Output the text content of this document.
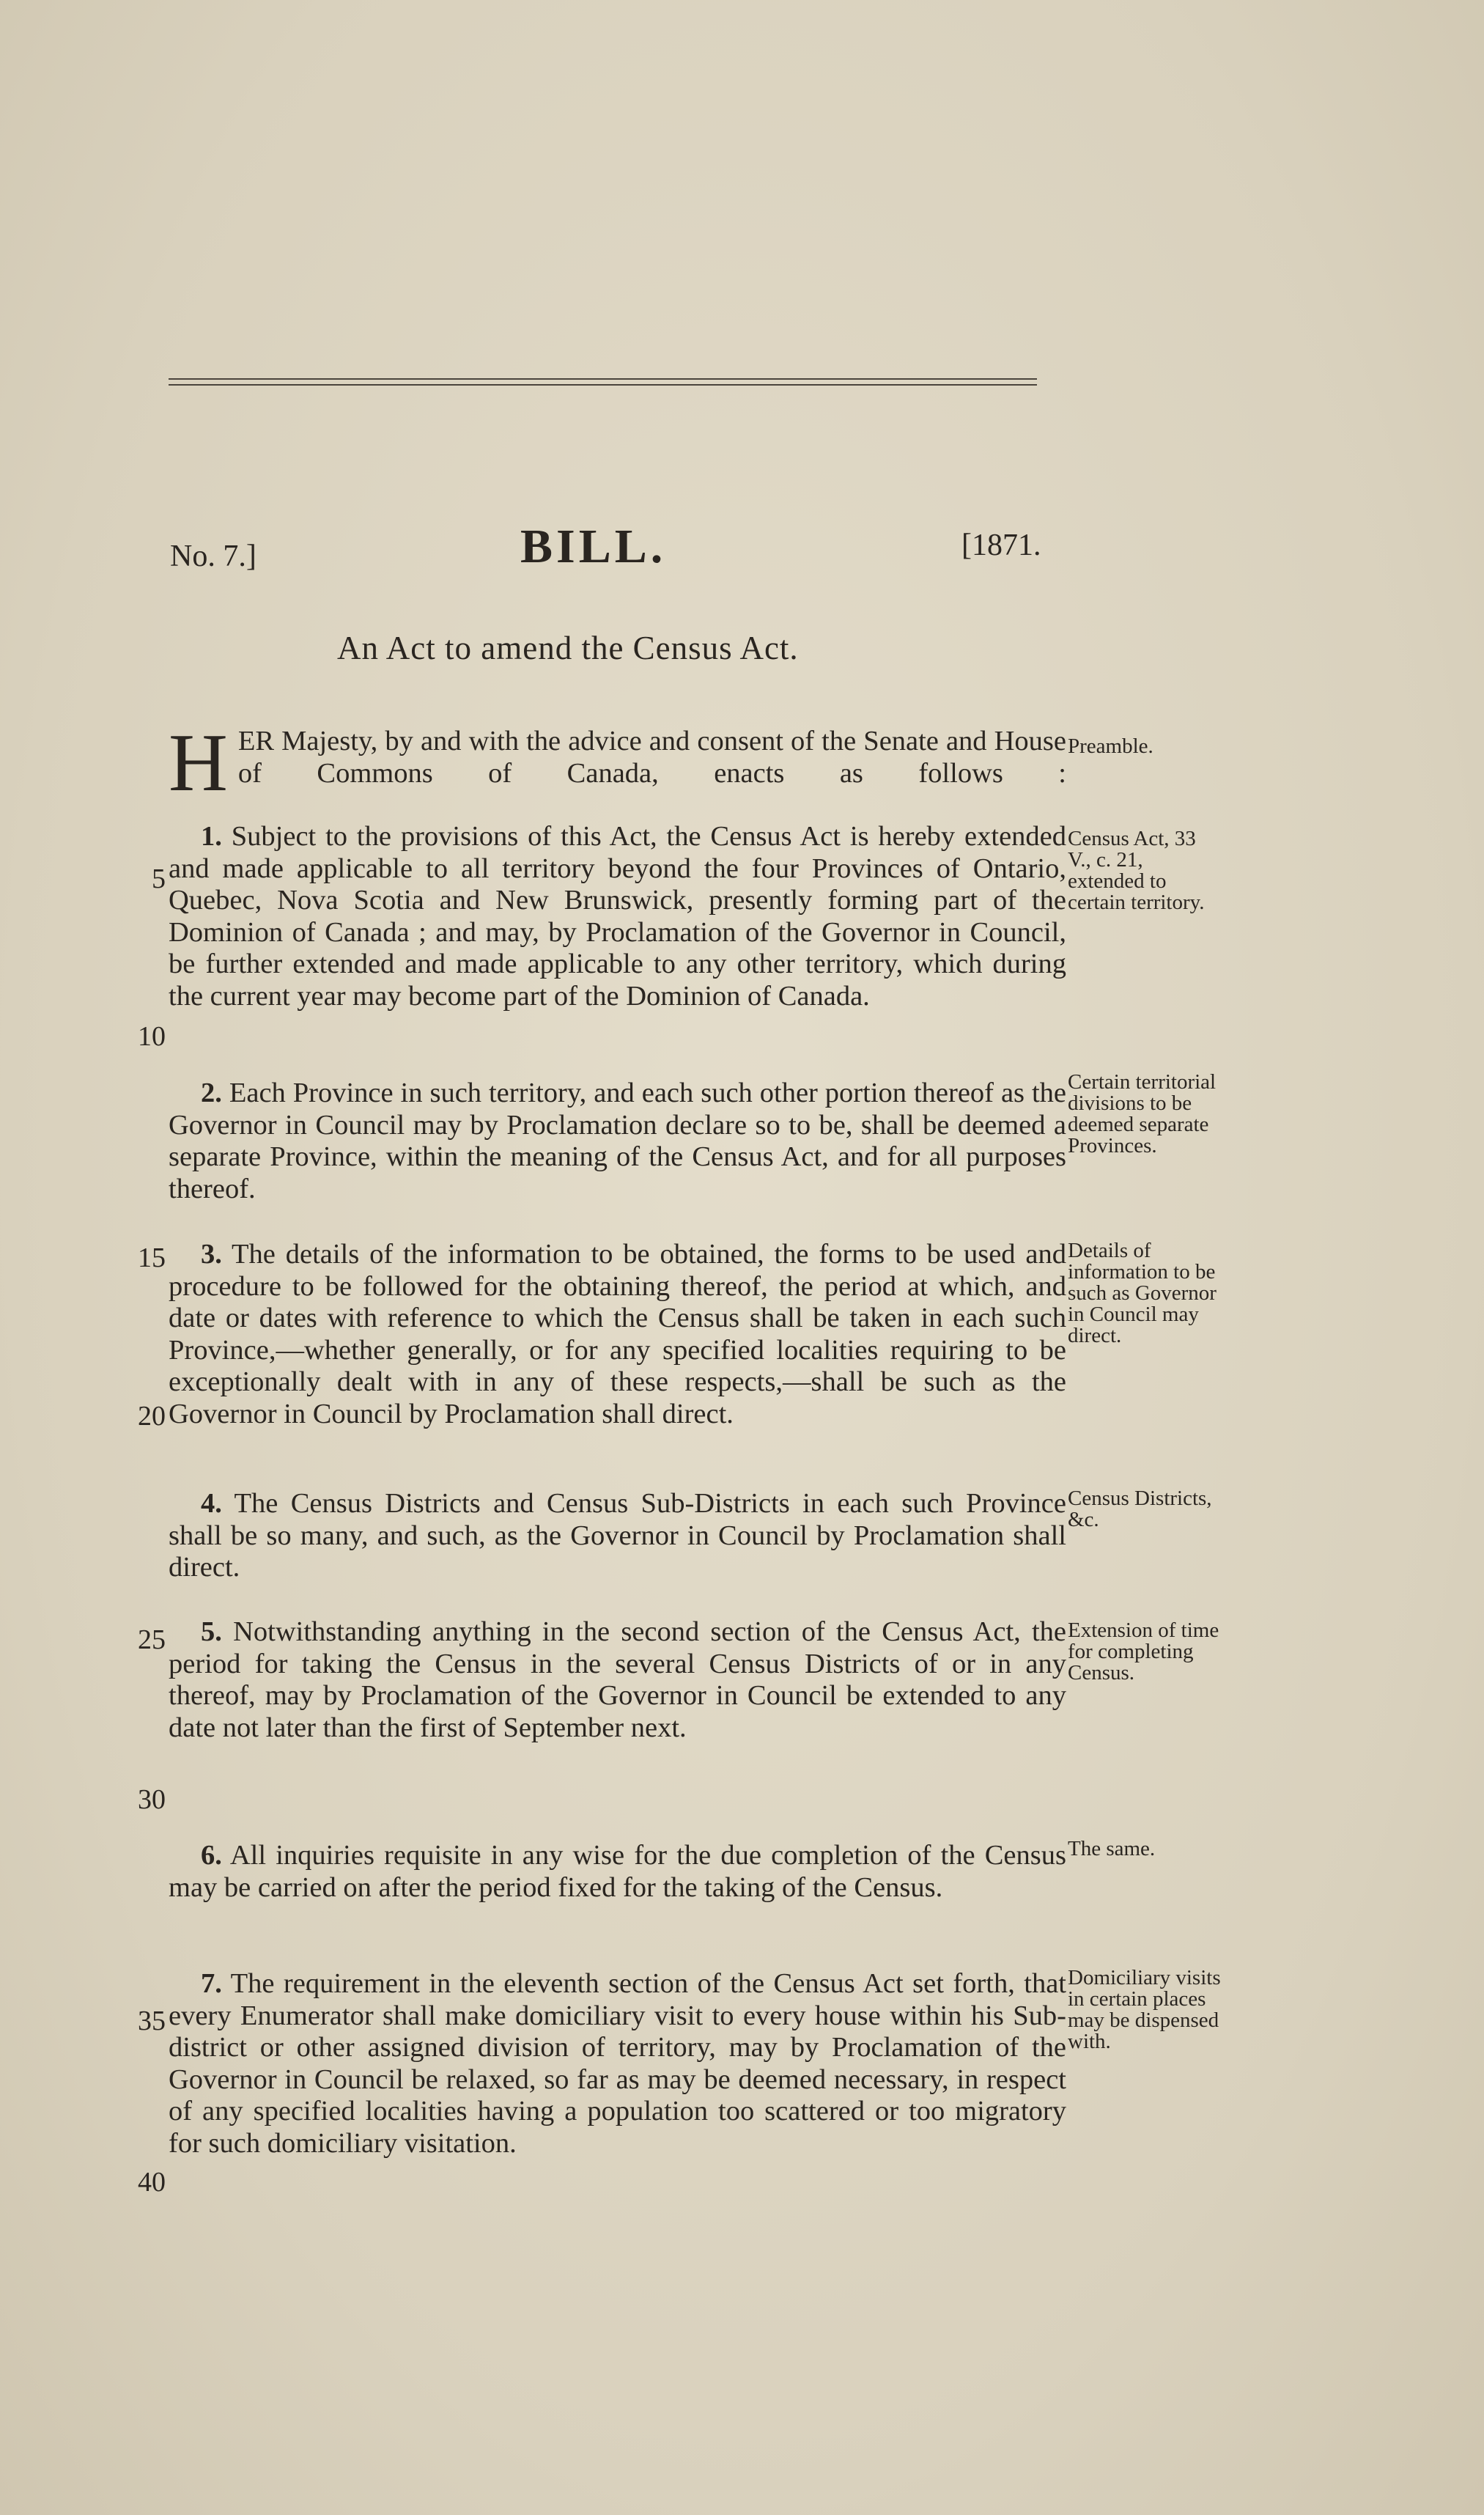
No. 7.]	BILL.	[1871.
An Act to amend the Census Act.
H ER Majesty, by and with the advice and consent of the Senate and House of Commons of Canada, enacts as follows :
Preamble.
1. Subject to the provisions of this Act, the Census Act is hereby extended and made applicable to all territory beyond the four Provinces of Ontario, Quebec, Nova Scotia and New Brunswick, presently forming part of the Dominion of Canada ; and may, by Proclamation of the Governor in Council, be further extended and made applicable to any other territory, which during the current year may become part of the Dominion of Canada.
Census Act, 33 V., c. 21, extended to certain territory.
2. Each Province in such territory, and each such other portion thereof as the Governor in Council may by Proclamation declare so to be, shall be deemed a separate Province, within the meaning of the Census Act, and for all purposes thereof.
Certain territorial divisions to be deemed separate Provinces.
3. The details of the information to be obtained, the forms to be used and procedure to be followed for the obtaining thereof, the period at which, and date or dates with reference to which the Census shall be taken in each such Province,—whether generally, or for any specified localities requiring to be exceptionally dealt with in any of these respects,—shall be such as the Governor in Council by Proclamation shall direct.
Details of information to be such as Governor in Council may direct.
4. The Census Districts and Census Sub-Districts in each such Province shall be so many, and such, as the Governor in Council by Proclamation shall direct.
Census Districts, &c.
5. Notwithstanding anything in the second section of the Census Act, the period for taking the Census in the several Census Districts of or in any thereof, may by Proclamation of the Governor in Council be extended to any date not later than the first of September next.
Extension of time for completing Census.
6. All inquiries requisite in any wise for the due completion of the Census may be carried on after the period fixed for the taking of the Census.
The same.
7. The requirement in the eleventh section of the Census Act set forth, that every Enumerator shall make domiciliary visit to every house within his Sub-district or other assigned division of territory, may by Proclamation of the Governor in Council be relaxed, so far as may be deemed necessary, in respect of any specified localities having a population too scattered or too migratory for such domiciliary visitation.
Domiciliary visits in certain places may be dispensed with.
5
10
15
20
25
30
35
40
